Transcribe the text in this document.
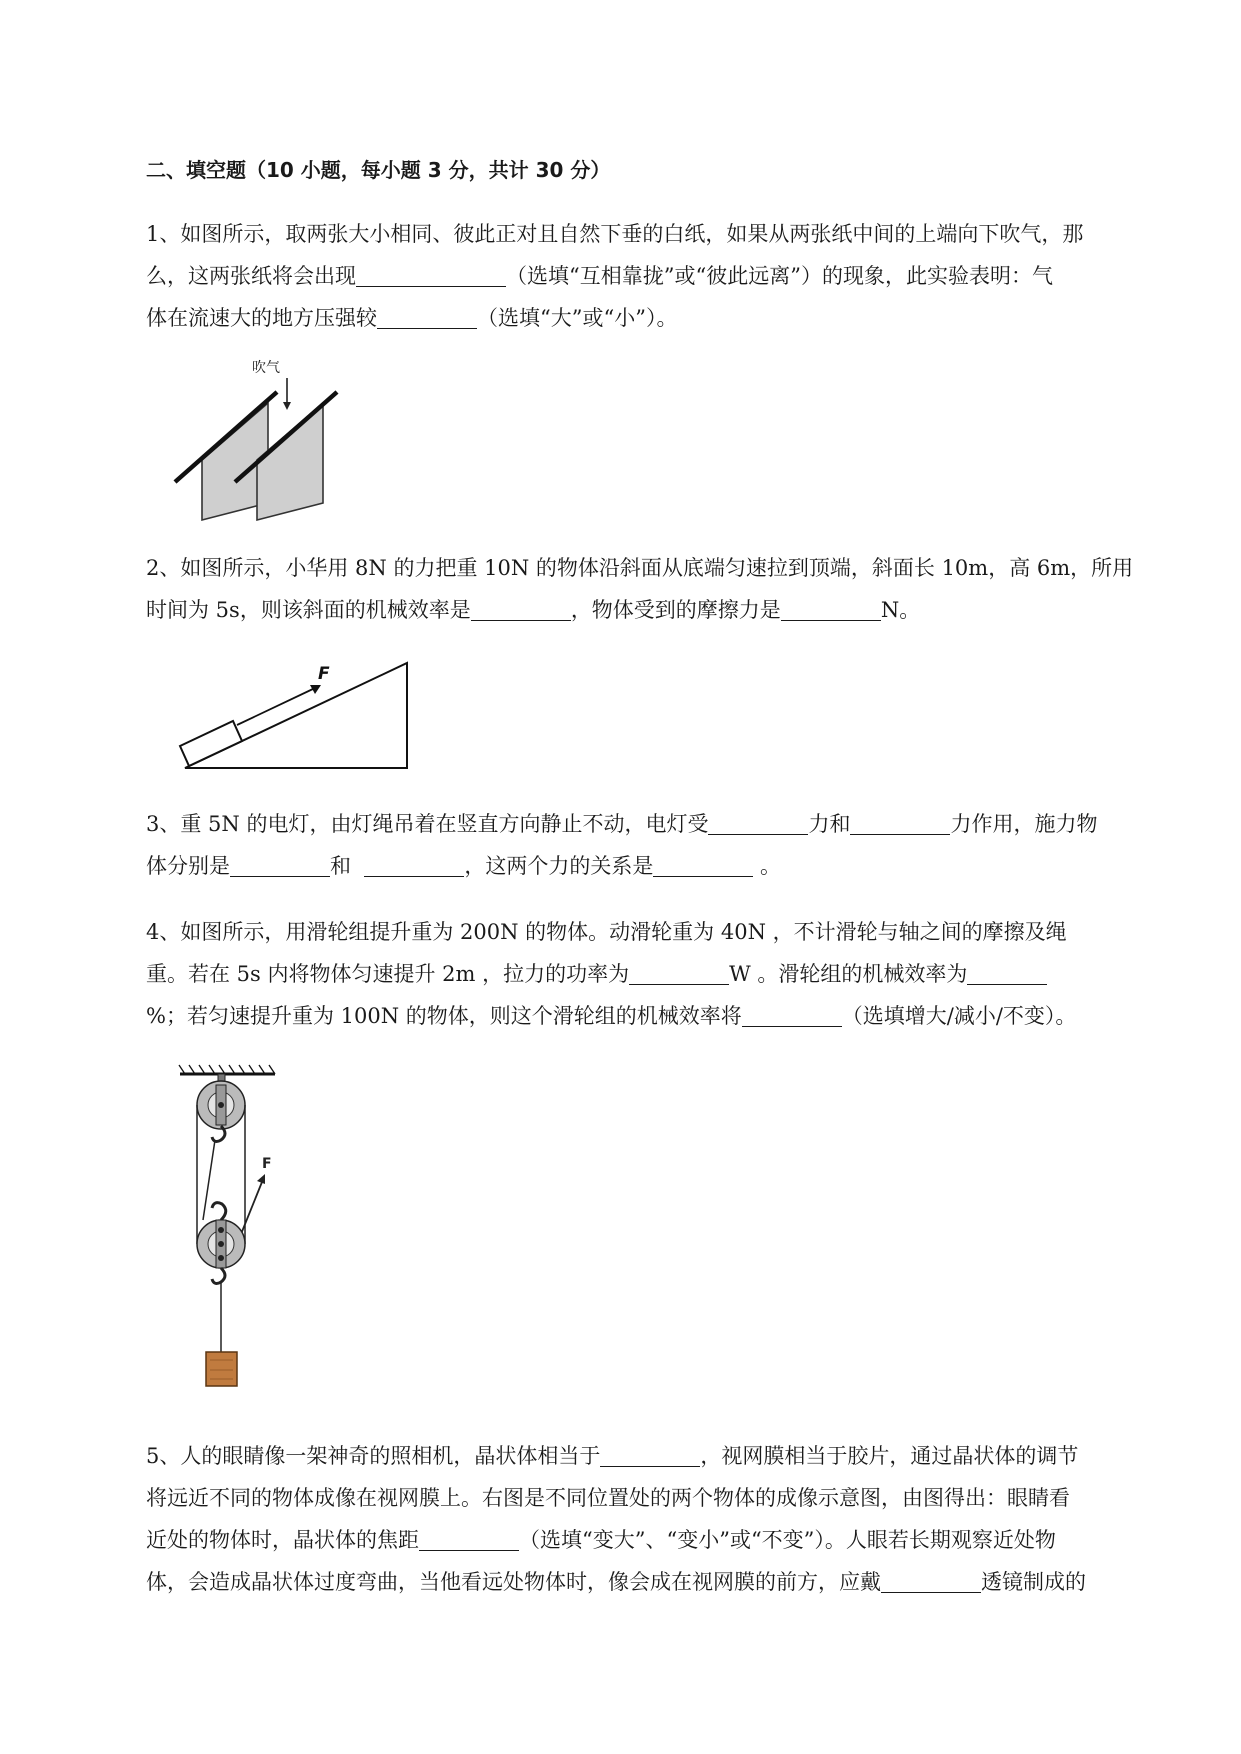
二、填空题（10 小题，每小题 3 分，共计 30 分）
1、如图所示，取两张大小相同、彼此正对且自然下垂的白纸，如果从两张纸中间的上端向下吹气，那
么，这两张纸将会出现	（选填“互相靠拢”或“彼此远离”）的现象，此实验表明：气
体在流速大的地方压强较	（选填“大”或“小”）。
吹气
2、如图所示，小华用 8N 的力把重 10N 的物体沿斜面从底端匀速拉到顶端，斜面长 10m，高 6m，所用
时间为 5s，则该斜面的机械效率是	，物体受到的摩擦力是	N。
F
3、重 5N 的电灯，由灯绳吊着在竖直方向静止不动，电灯受	力和	力作用，施力物
体分别是	和	，这两个力的关系是	。
4、如图所示，用滑轮组提升重为 200N 的物体。动滑轮重为 40N ，不计滑轮与轴之间的摩擦及绳
重。若在 5s 内将物体匀速提升 2m ，拉力的功率为	W 。滑轮组的机械效率为
%；若匀速提升重为 100N 的物体，则这个滑轮组的机械效率将	（选填增大/减小/不变）。
F
5、人的眼睛像一架神奇的照相机，晶状体相当于	，视网膜相当于胶片，通过晶状体的调节
将远近不同的物体成像在视网膜上。右图是不同位置处的两个物体的成像示意图，由图得出：眼睛看
近处的物体时，晶状体的焦距	（选填“变大”、“变小”或“不变”）。人眼若长期观察近处物
体，会造成晶状体过度弯曲，当他看远处物体时，像会成在视网膜的前方，应戴	透镜制成的
